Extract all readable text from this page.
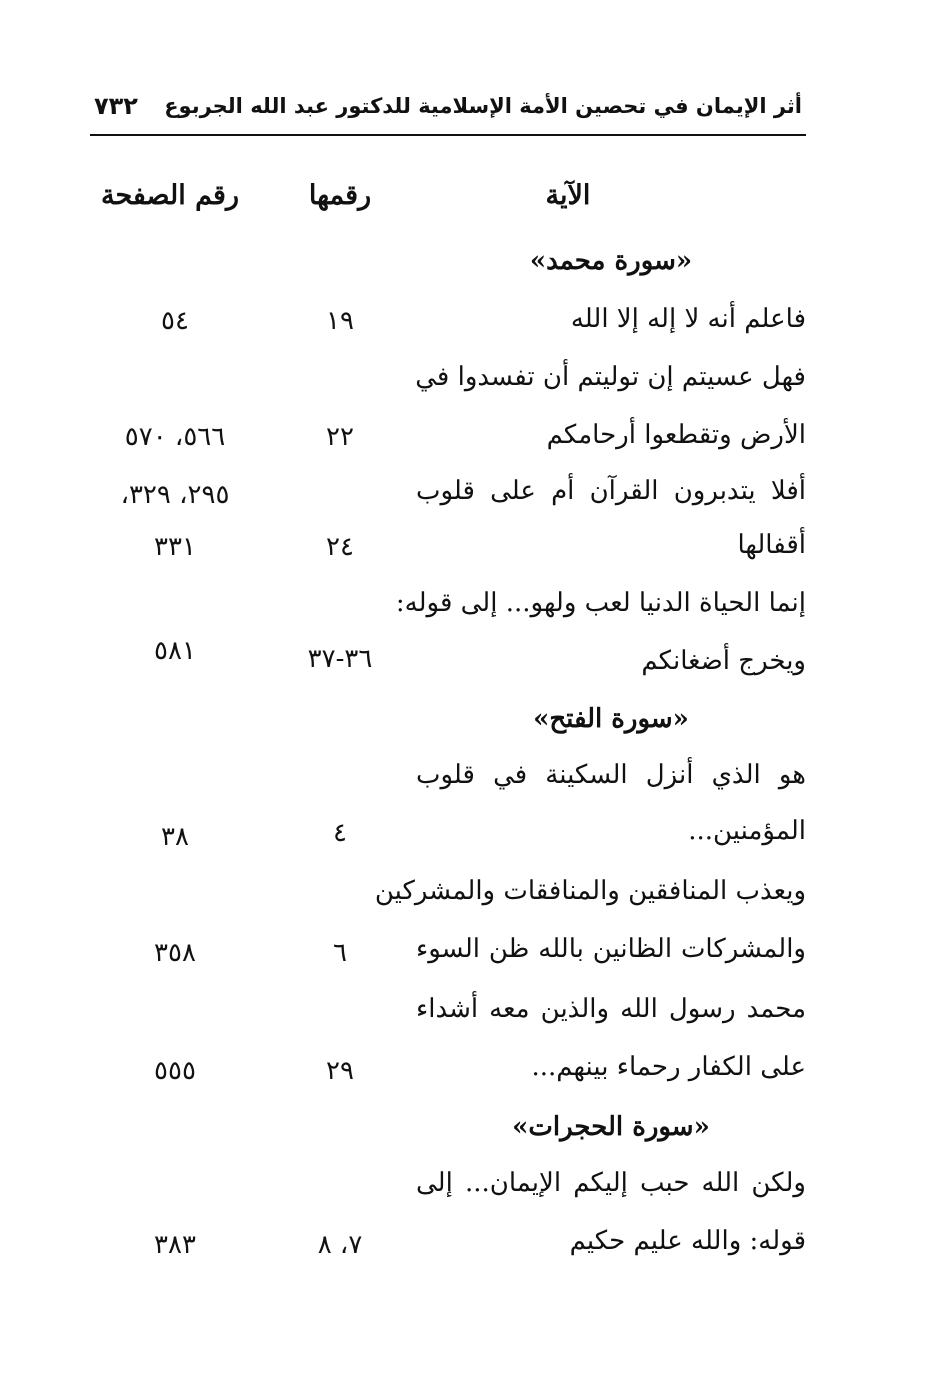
أثر الإيمان في تحصين الأمة الإسلامية للدكتور عبد الله الجربوع
٧٣٢
الآية
رقمها
رقم الصفحة
«سورة محمد»
فاعلم أنه لا إله إلا الله
١٩
٥٤
فهل عسيتم إن توليتم أن تفسدوا في
الأرض وتقطعوا أرحامكم
٢٢
٥٦٦، ٥٧٠
أفلا يتدبرون القرآن أم على قلوب
٢٩٥، ٣٢٩،
أقفالها
٢٤
٣٣١
إنما الحياة الدنيا لعب ولهو... إلى قوله:
ويخرج أضغانكم
٣٦-٣٧
٥٨١
«سورة الفتح»
هو الذي أنزل السكينة في قلوب
المؤمنين...
٤
٣٨
ويعذب المنافقين والمنافقات والمشركين
والمشركات الظانين بالله ظن السوء
٦
٣٥٨
محمد رسول الله والذين معه أشداء
على الكفار رحماء بينهم...
٢٩
٥٥٥
«سورة الحجرات»
ولكن الله حبب إليكم الإيمان... إلى
قوله: والله عليم حكيم
٧، ٨
٣٨٣
